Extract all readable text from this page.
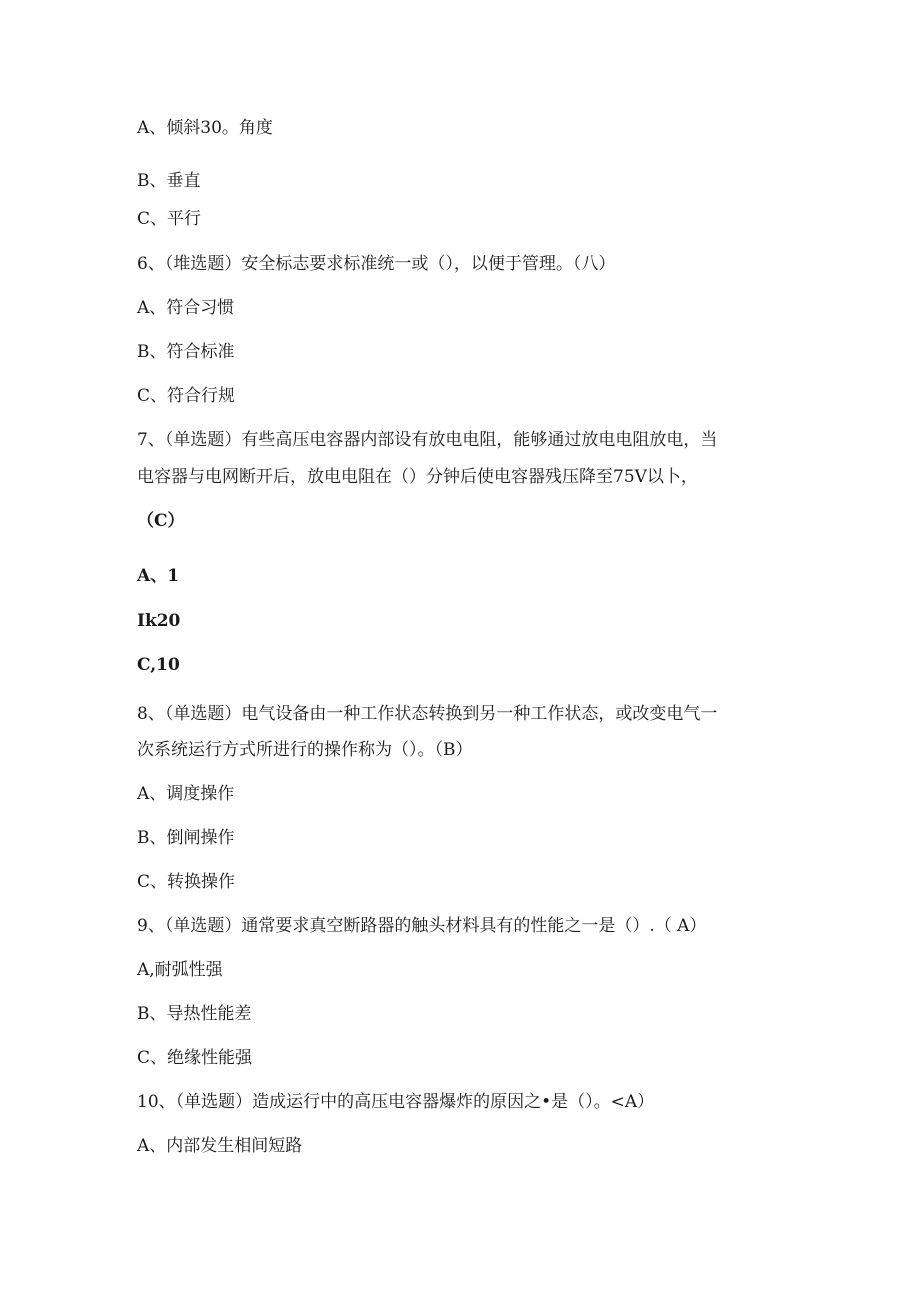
A、倾斜30。角度
B、垂直
C、平行
6、（堆选题）安全标志要求标准统一或（），以便于管理。（八）
A、符合习惯
B、符合标准
C、符合行规
7、（单选题）有些高压电容器内部设有放电电阻，能够通过放电电阻放电，当
电容器与电网断开后，放电电阻在（）分钟后使电容器残压降至75V以卜，
（C）
A、1
Ik20
C,10
8、（单选题）电气设备由一种工作状态转换到另一种工作状态，或改变电气一
次系统运行方式所进行的操作称为（）。（B）
A、调度操作
B、倒闸操作
C、转换操作
9、（单选题）通常要求真空断路器的触头材料具有的性能之一是（）.（ A）
A,耐弧性强
B、导热性能差
C、绝缘性能强
10、（单选题）造成运行中的高压电容器爆炸的原因之•是（）。<A）
A、内部发生相间短路
